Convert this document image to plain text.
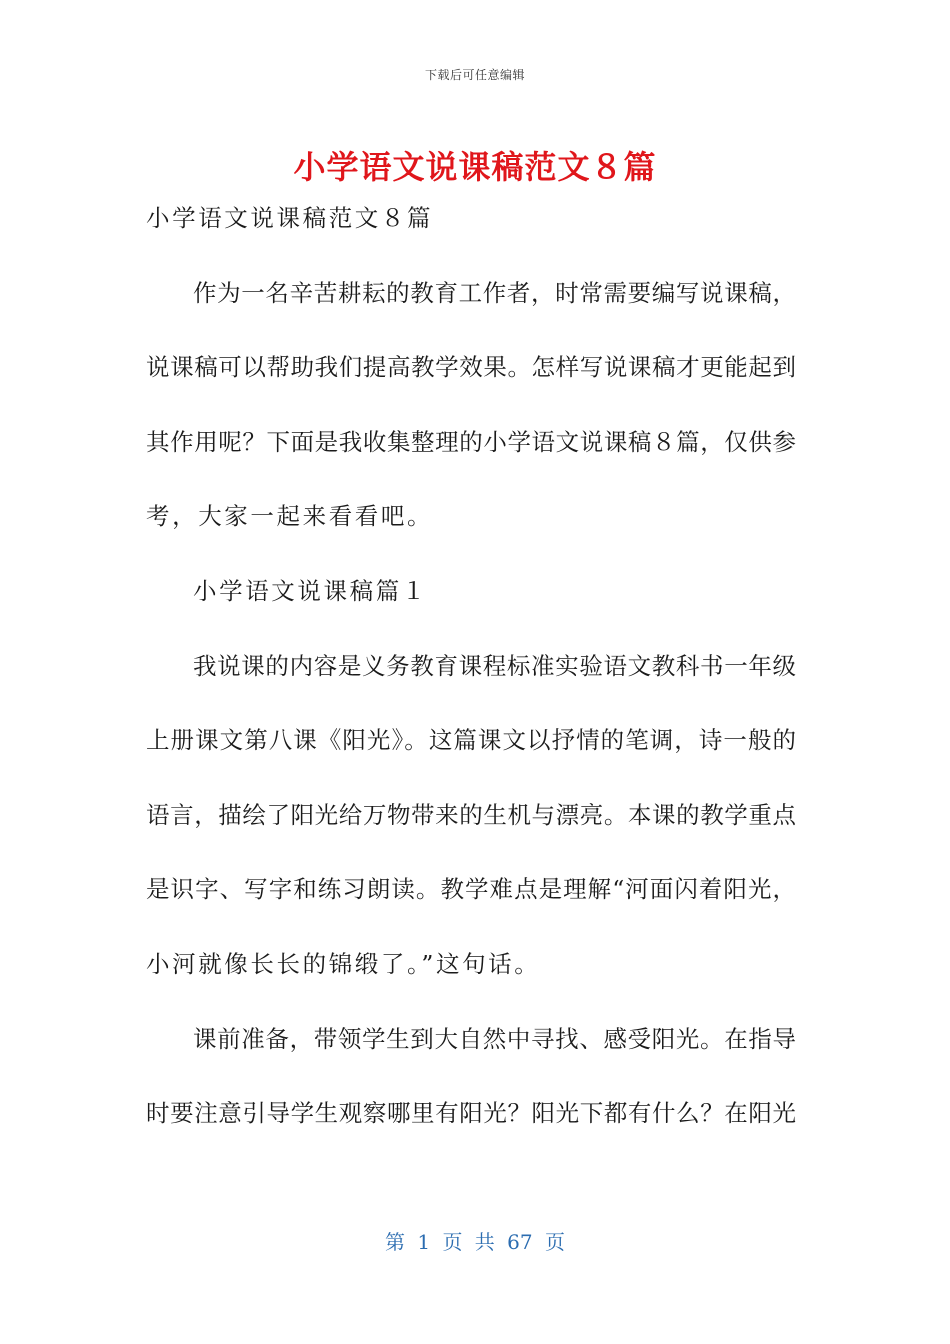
下载后可任意编辑
小学语文说课稿范文８篇
小学语文说课稿范文８篇
作为一名辛苦耕耘的教育工作者，时常需要编写说课稿，
说课稿可以帮助我们提高教学效果。怎样写说课稿才更能起到
其作用呢？下面是我收集整理的小学语文说课稿８篇，仅供参
考，大家一起来看看吧。
小学语文说课稿篇１
我说课的内容是义务教育课程标准实验语文教科书一年级
上册课文第八课《阳光》。这篇课文以抒情的笔调，诗一般的
语言，描绘了阳光给万物带来的生机与漂亮。本课的教学重点
是识字、写字和练习朗读。教学难点是理解“河面闪着阳光，
小河就像长长的锦缎了。”这句话。
课前准备，带领学生到大自然中寻找、感受阳光。在指导
时要注意引导学生观察哪里有阳光？阳光下都有什么？在阳光
第 1 页 共 67 页
